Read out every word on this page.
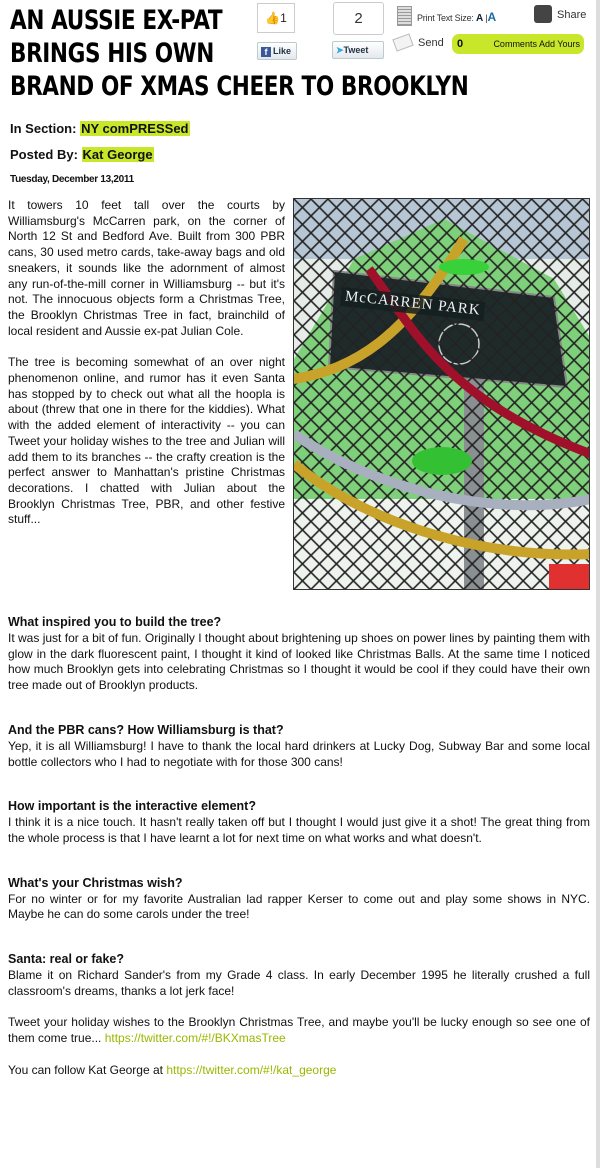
AN AUSSIE EX-PAT
BRINGS HIS OWN
BRAND OF XMAS CHEER TO BROOKLYN
👍1
f Like
2
➤Tweet
Print Text Size: A |A	Share
Send 0	Comments Add Yours
In Section: NY comPRESSed
Posted By: Kat George
Tuesday, December 13,2011
McCARREN PARK

It towers 10 feet tall over the courts by Williamsburg's McCarren park, on the corner of North 12 St and Bedford Ave. Built from 300 PBR cans, 30 used metro cards, take-away bags and old sneakers, it sounds like the adornment of almost any run-of-the-mill corner in Williamsburg -- but it's not. The innocuous objects form a Christmas Tree, the Brooklyn Christmas Tree in fact, brainchild of local resident and Aussie ex-pat Julian Cole.

The tree is becoming somewhat of an over night phenomenon online, and rumor has it even Santa has stopped by to check out what all the hoopla is about (threw that one in there for the kiddies). What with the added element of interactivity -- you can Tweet your holiday wishes to the tree and Julian will add them to its branches -- the crafty creation is the perfect answer to Manhattan's pristine Christmas decorations. I chatted with Julian about the Brooklyn Christmas Tree, PBR, and other festive stuff...

What inspired you to build the tree?

It was just for a bit of fun. Originally I thought about brightening up shoes on power lines by painting them with glow in the dark fluorescent paint, I thought it kind of looked like Christmas Balls. At the same time I noticed how much Brooklyn gets into celebrating Christmas so I thought it would be cool if they could have their own tree made out of Brooklyn products.

And the PBR cans? How Williamsburg is that?

Yep, it is all Williamsburg! I have to thank the local hard drinkers at Lucky Dog, Subway Bar and some local bottle collectors who I had to negotiate with for those 300 cans!

How important is the interactive element?

I think it is a nice touch. It hasn't really taken off but I thought I would just give it a shot! The great thing from the whole process is that I have learnt a lot for next time on what works and what doesn't.

What's your Christmas wish?

For no winter or for my favorite Australian lad rapper Kerser to come out and play some shows in NYC. Maybe he can do some carols under the tree!

Santa: real or fake?

Blame it on Richard Sander's from my Grade 4 class. In early December 1995 he literally crushed a full classroom's dreams, thanks a lot jerk face!

Tweet your holiday wishes to the Brooklyn Christmas Tree, and maybe you'll be lucky enough so see one of them come true... https://twitter.com/#!/BKXmasTree

You can follow Kat George at https://twitter.com/#!/kat_george
